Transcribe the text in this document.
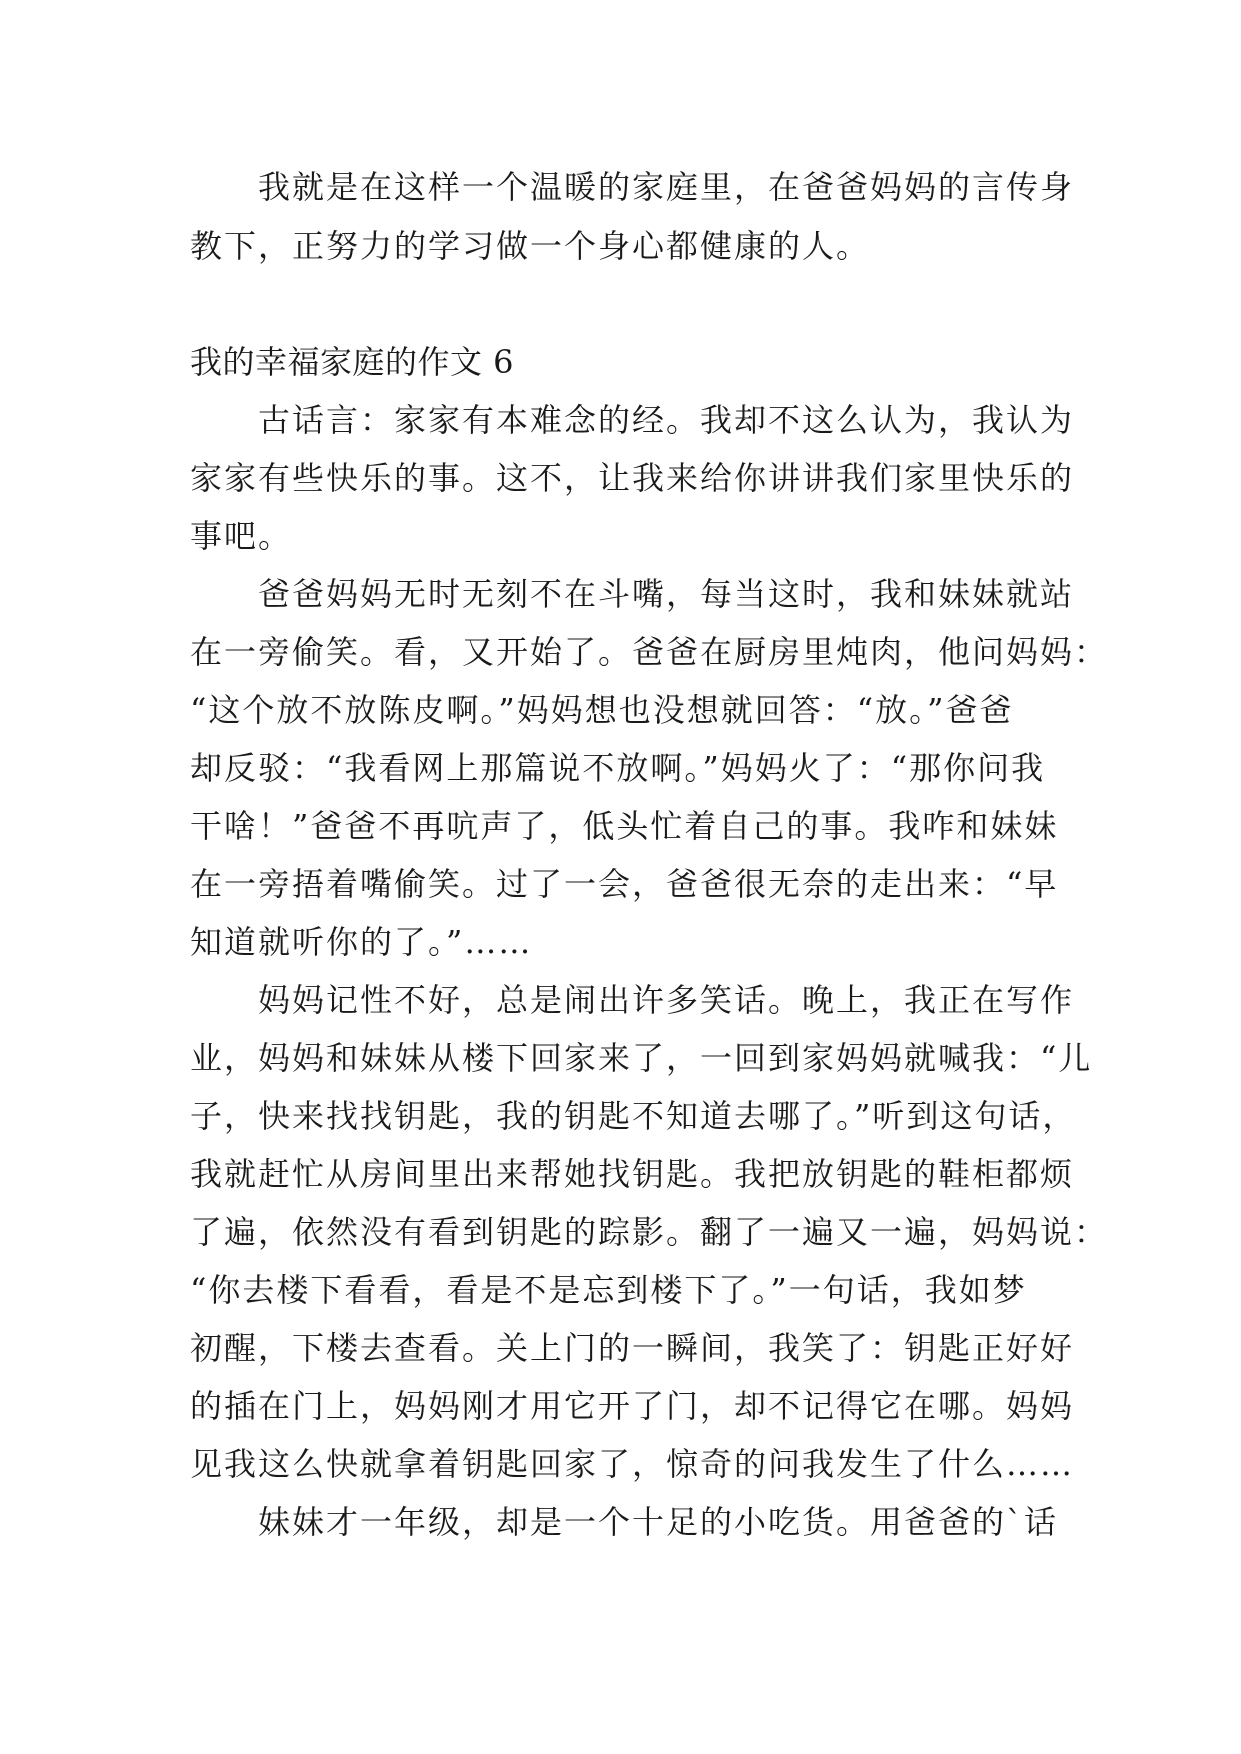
　　我就是在这样一个温暖的家庭里，在爸爸妈妈的言传身
教下，正努力的学习做一个身心都健康的人。
我的幸福家庭的作文 6
　　古话言：家家有本难念的经。我却不这么认为，我认为
家家有些快乐的事。这不，让我来给你讲讲我们家里快乐的
事吧。
　　爸爸妈妈无时无刻不在斗嘴，每当这时，我和妹妹就站
在一旁偷笑。看，又开始了。爸爸在厨房里炖肉，他问妈妈：
“这个放不放陈皮啊。”妈妈想也没想就回答：“放。”爸爸
却反驳：“我看网上那篇说不放啊。”妈妈火了：“那你问我
干啥！”爸爸不再吭声了，低头忙着自己的事。我咋和妹妹
在一旁捂着嘴偷笑。过了一会，爸爸很无奈的走出来：“早
知道就听你的了。”……
　　妈妈记性不好，总是闹出许多笑话。晚上，我正在写作
业，妈妈和妹妹从楼下回家来了，一回到家妈妈就喊我：“儿
子，快来找找钥匙，我的钥匙不知道去哪了。”听到这句话，
我就赶忙从房间里出来帮她找钥匙。我把放钥匙的鞋柜都烦
了遍，依然没有看到钥匙的踪影。翻了一遍又一遍，妈妈说：
“你去楼下看看，看是不是忘到楼下了。”一句话，我如梦
初醒，下楼去查看。关上门的一瞬间，我笑了：钥匙正好好
的插在门上，妈妈刚才用它开了门，却不记得它在哪。妈妈
见我这么快就拿着钥匙回家了，惊奇的问我发生了什么……
　　妹妹才一年级，却是一个十足的小吃货。用爸爸的`话
